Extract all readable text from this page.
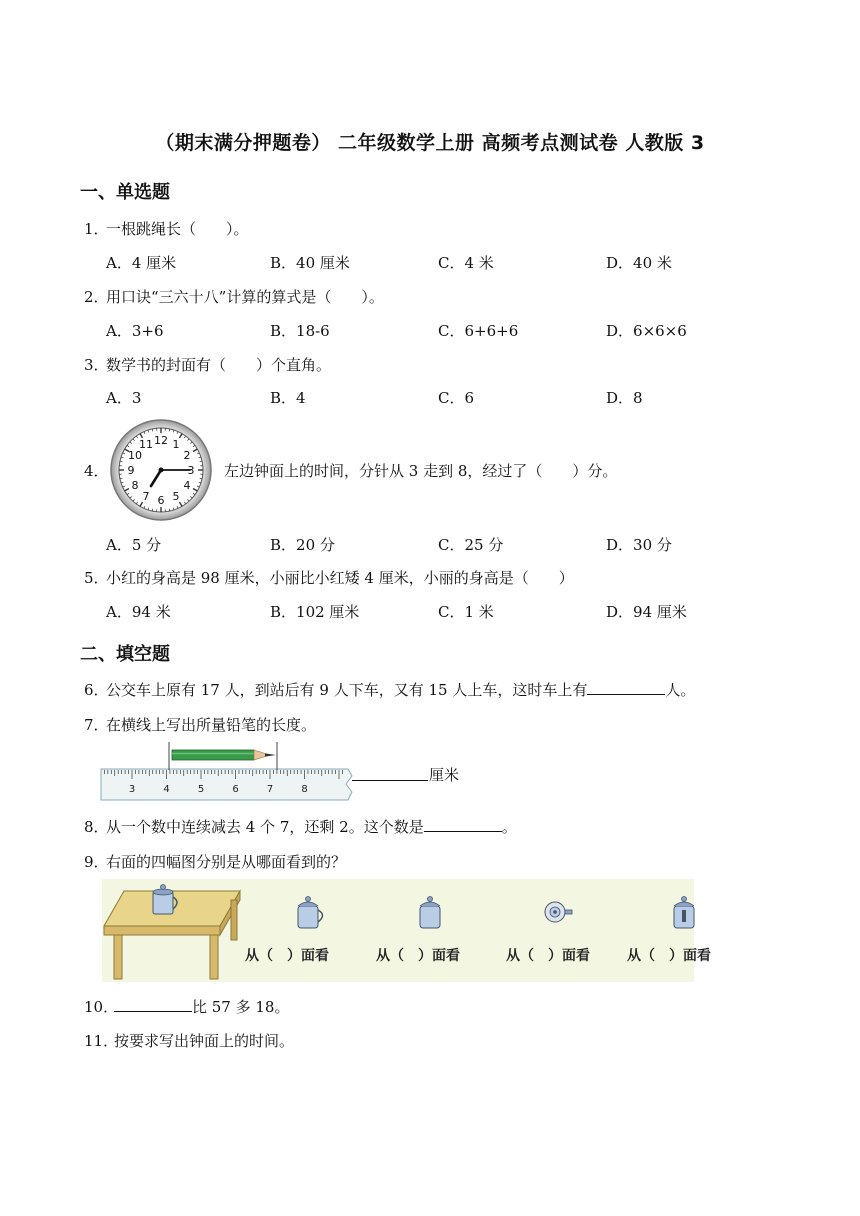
（期末满分押题卷） 二年级数学上册 高频考点测试卷 人教版 3
一、单选题
1．一根跳绳长（　　）。
A．4 厘米	B．40 厘米	C．4 米	D．40 米
2．用口诀“三六十八”计算的算式是（　　）。
A．3+6	B．18-6	C．6+6+6	D．6×6×6
3．数学书的封面有（　　）个直角。
A．3	B．4	C．6	D．8
4．
12 1
2
3
4
5
6
7
8
9
10
11
左边钟面上的时间，分针从 3 走到 8，经过了（　　）分。
A．5 分	B．20 分	C．25 分	D．30 分
5．小红的身高是 98 厘米，小丽比小红矮 4 厘米，小丽的身高是（　　）
A．94 米	B．102 厘米	C．1 米	D．94 厘米
二、填空题
6．公交车上原有 17 人，到站后有 9 人下车，又有 15 人上车，这时车上有	人。
7．在横线上写出所量铅笔的长度。
3	4	5	6	7	8
厘米
8．从一个数中连续减去 4 个 7，还剩 2。这个数是	。
9．右面的四幅图分别是从哪面看到的？
从（　）面看	从（　）面看	从（　）面看	从（　）面看
10．	比 57 多 18。
11．按要求写出钟面上的时间。
